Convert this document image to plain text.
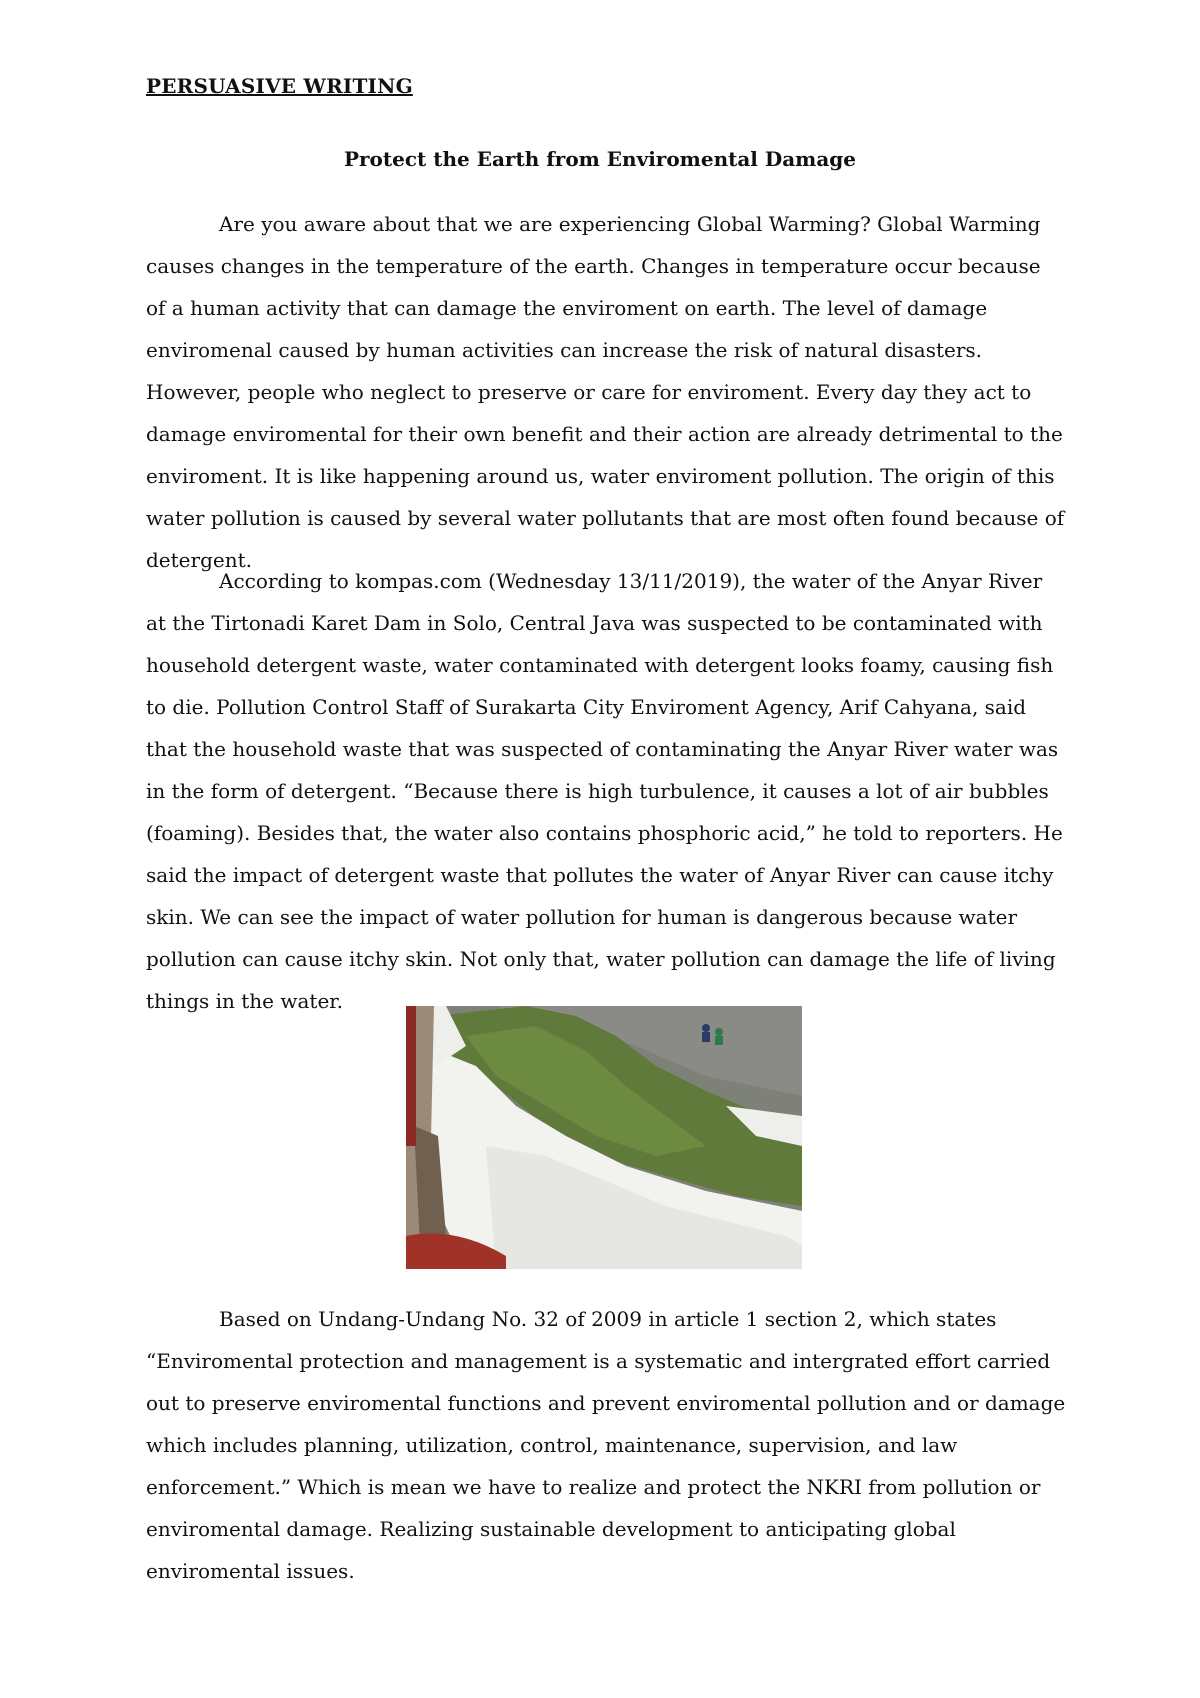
PERSUASIVE WRITING

Protect the Earth from Enviromental Damage

Are you aware about that we are experiencing Global Warming? Global Warming causes changes in the temperature of the earth. Changes in temperature occur because of a human activity that can damage the enviroment on earth. The level of damage enviromenal caused by human activities can increase the risk of natural disasters. However, people who neglect to preserve or care for enviroment. Every day they act to damage enviromental for their own benefit and their action are already detrimental to the enviroment. It is like happening around us, water enviroment pollution. The origin of this water pollution is caused by several water pollutants that are most often found because of detergent.

According to kompas.com (Wednesday 13/11/2019), the water of the Anyar River at the Tirtonadi Karet Dam in Solo, Central Java was suspected to be contaminated with household detergent waste, water contaminated with detergent looks foamy, causing fish to die. Pollution Control Staff of Surakarta City Enviroment Agency, Arif Cahyana, said that the household waste that was suspected of contaminating the Anyar River water was in the form of detergent. “Because there is high turbulence, it causes a lot of air bubbles (foaming). Besides that, the water also contains phosphoric acid,” he told to reporters. He said the impact of detergent waste that pollutes the water of Anyar River can cause itchy skin. We can see the impact of water pollution for human is dangerous because water pollution can cause itchy skin. Not only that, water pollution can damage the life of living things in the water.

Based on Undang-Undang No. 32 of 2009 in article 1 section 2, which states “Enviromental protection and management is a systematic and intergrated effort carried out to preserve enviromental functions and prevent enviromental pollution and or damage which includes planning, utilization, control, maintenance, supervision, and law enforcement.” Which is mean we have to realize and protect the NKRI from pollution or enviromental damage. Realizing sustainable development to anticipating global enviromental issues.
